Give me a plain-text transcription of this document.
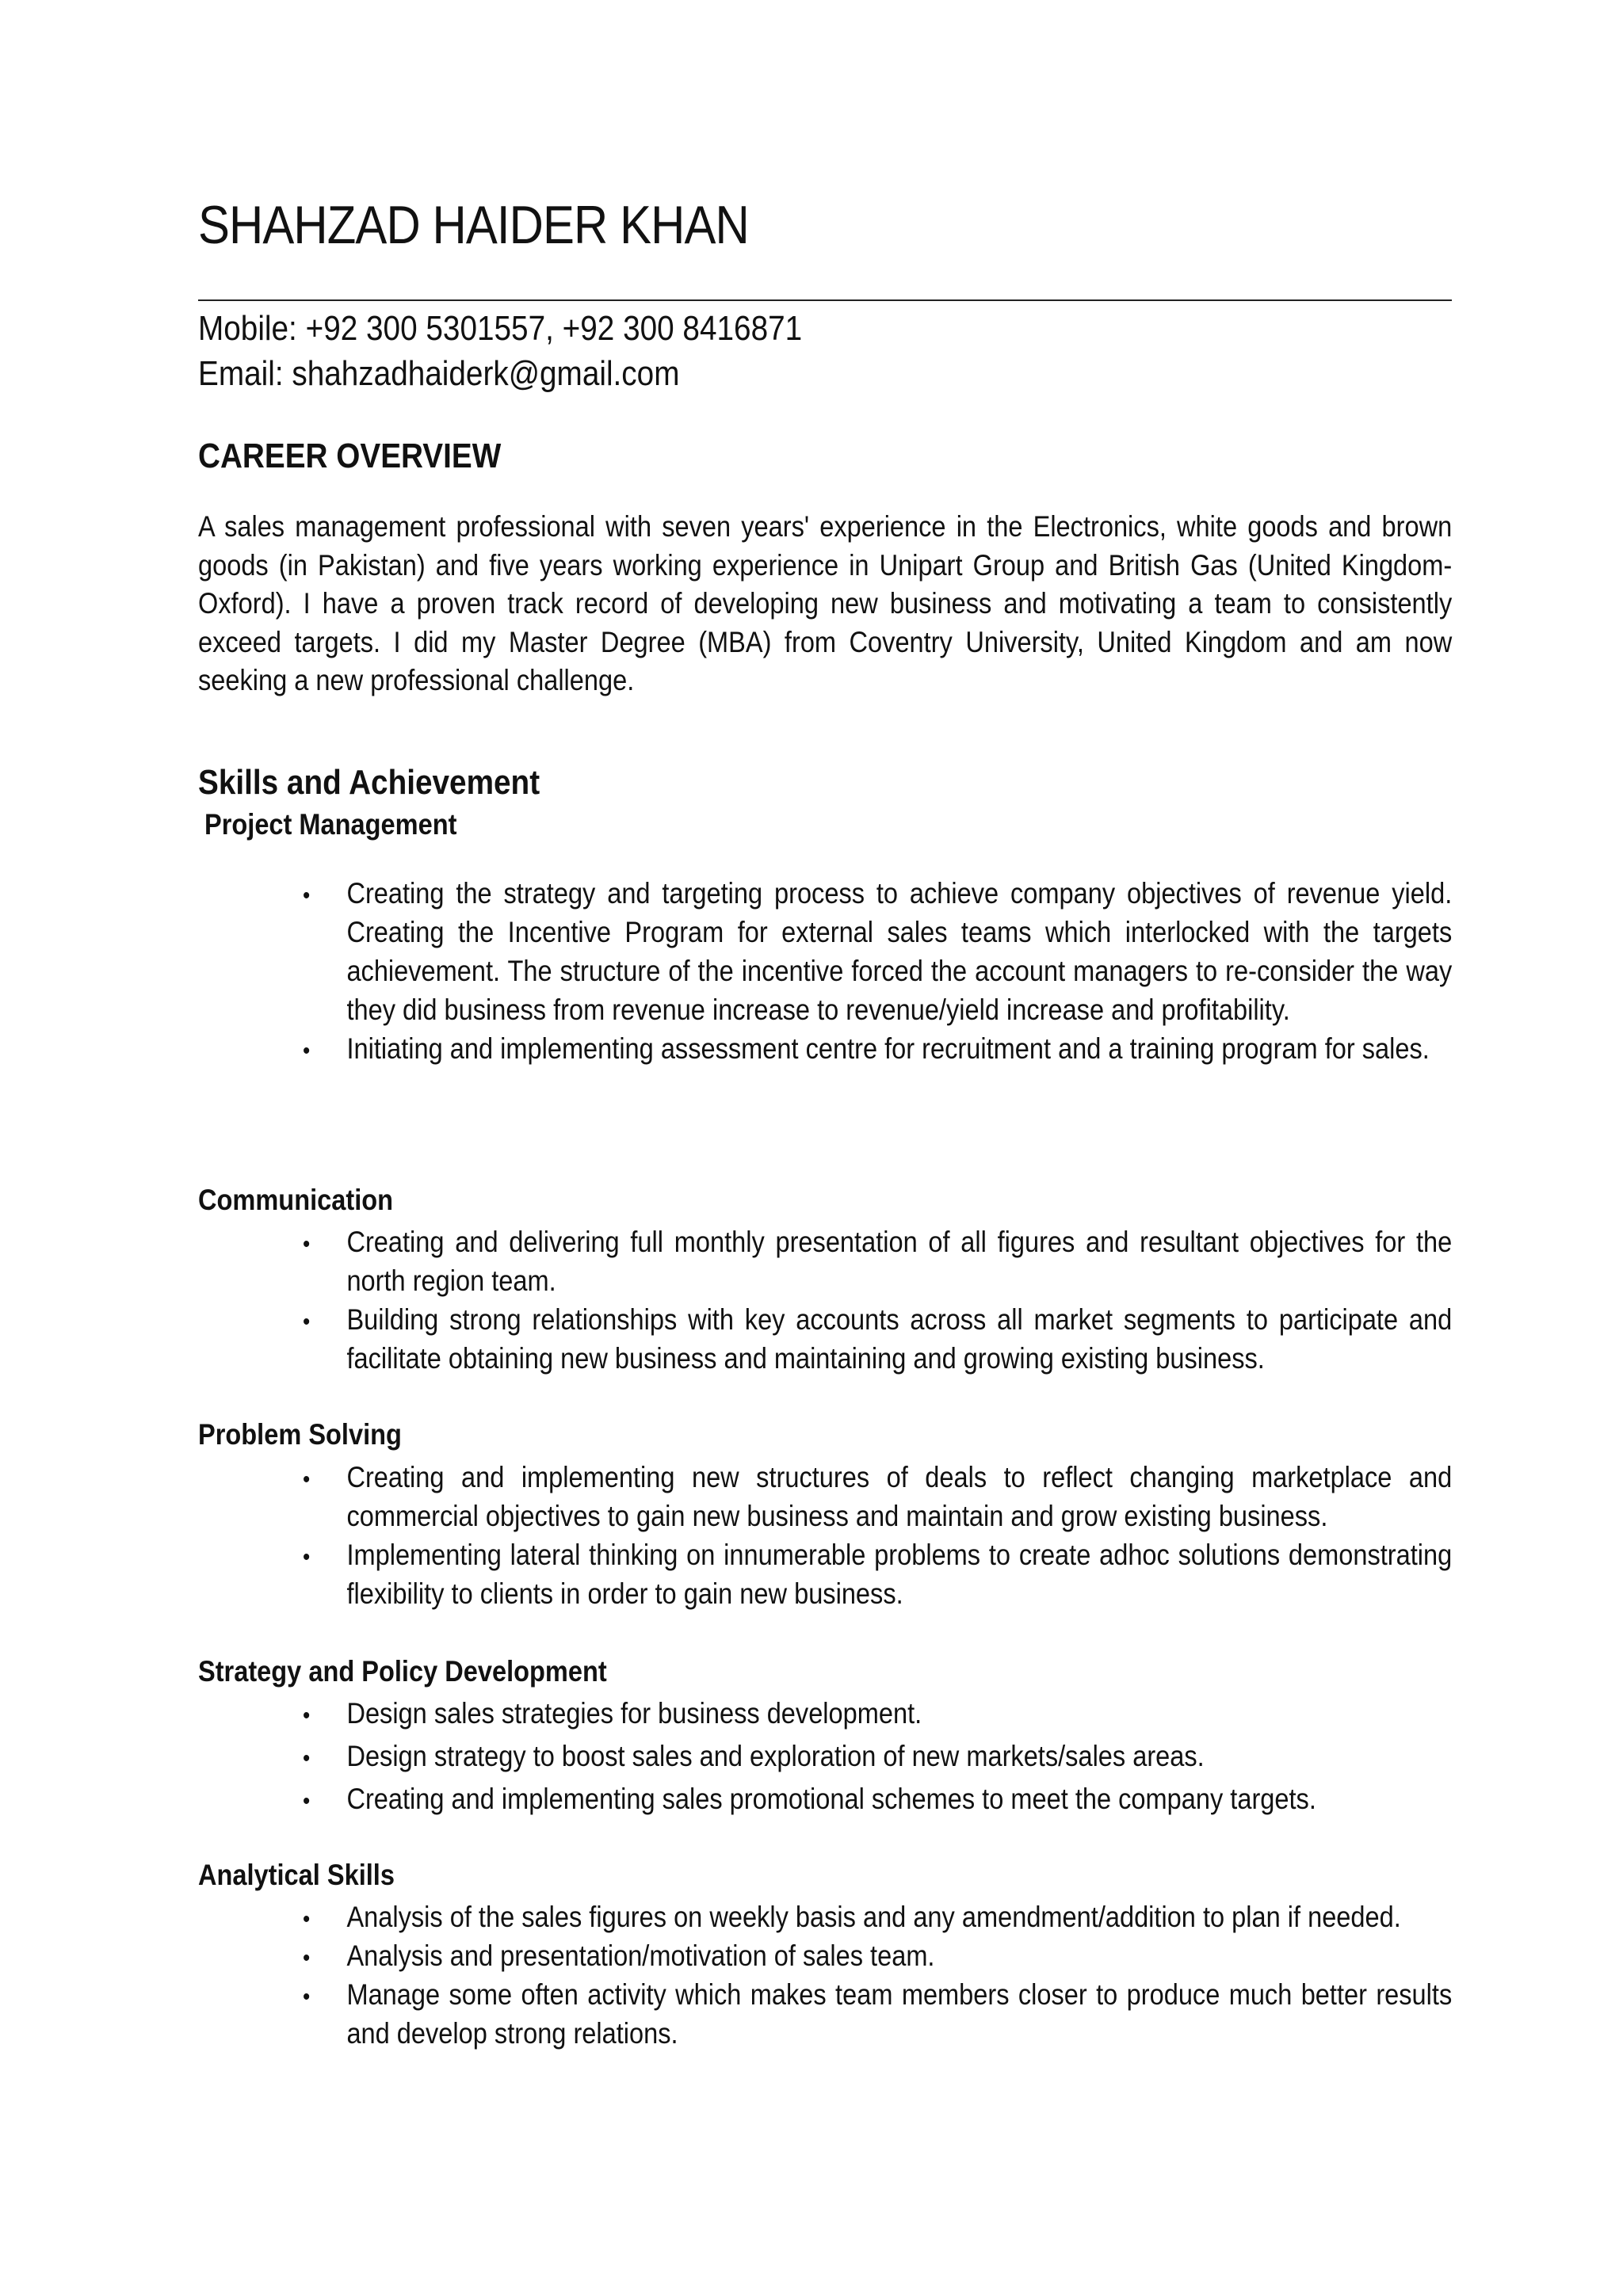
SHAHZAD HAIDER KHAN
Mobile: +92 300 5301557, +92 300 8416871
Email: shahzadhaiderk@gmail.com
CAREER OVERVIEW
A sales management professional with seven years' experience in the Electronics, white goods and brown goods (in Pakistan) and five years working experience in Unipart Group and British Gas (United Kingdom-Oxford). I have a proven track record of developing new business and motivating a team to consistently exceed targets. I did my Master Degree (MBA) from Coventry University, United Kingdom and am now seeking a new professional challenge.
Skills and Achievement
Project Management
• Creating the strategy and targeting process to achieve company objectives of revenue yield. Creating the Incentive Program for external sales teams which interlocked with the targets achievement. The structure of the incentive forced the account managers to re-consider the way they did business from revenue increase to revenue/yield increase and profitability.
• Initiating and implementing assessment centre for recruitment and a training program for sales.
Communication
• Creating and delivering full monthly presentation of all figures and resultant objectives for the north region team.
• Building strong relationships with key accounts across all market segments to participate and facilitate obtaining new business and maintaining and growing existing business.
Problem Solving
• Creating and implementing new structures of deals to reflect changing marketplace and commercial objectives to gain new business and maintain and grow existing business.
• Implementing lateral thinking on innumerable problems to create adhoc solutions demonstrating flexibility to clients in order to gain new business.
Strategy and Policy Development
• Design sales strategies for business development.
• Design strategy to boost sales and exploration of new markets/sales areas.
• Creating and implementing sales promotional schemes to meet the company targets.
Analytical Skills
• Analysis of the sales figures on weekly basis and any amendment/addition to plan if needed.
• Analysis and presentation/motivation of sales team.
• Manage some often activity which makes team members closer to produce much better results and develop strong relations.
